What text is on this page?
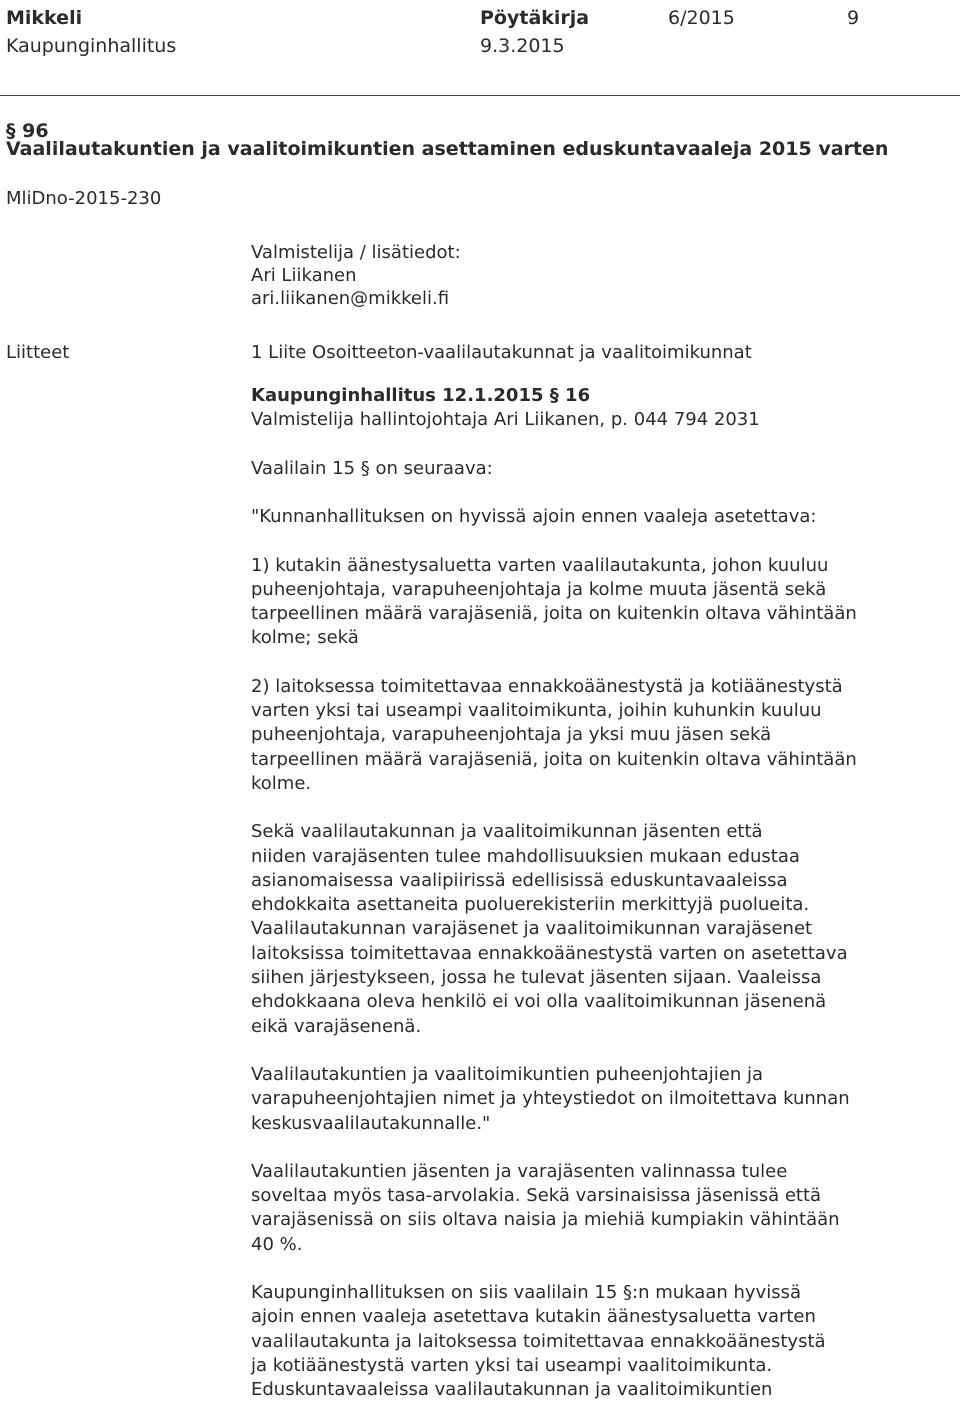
Mikkeli
Kaupunginhallitus
Pöytäkirja
9.3.2015
6/2015	9
§ 96
Vaalilautakuntien ja vaalitoimikuntien asettaminen eduskuntavaaleja 2015 varten
MliDno-2015-230
Valmistelija / lisätiedot:
Ari Liikanen
ari.liikanen@mikkeli.fi
Liitteet	1 Liite Osoitteeton-vaalilautakunnat ja vaalitoimikunnat
Kaupunginhallitus 12.1.2015 § 16
Valmistelija hallintojohtaja Ari Liikanen, p. 044 794 2031
Vaalilain 15 § on seuraava:
"Kunnanhallituksen on hyvissä ajoin ennen vaaleja asetettava:
1) kutakin äänestysaluetta varten vaalilautakunta, johon kuuluu
puheenjohtaja, varapuheenjohtaja ja kolme muuta jäsentä sekä
tarpeellinen määrä varajäseniä, joita on kuitenkin oltava vähintään
kolme; sekä
2) laitoksessa toimitettavaa ennakkoäänestystä ja kotiäänestystä
varten yksi tai useampi vaalitoimikunta, joihin kuhunkin kuuluu
puheenjohtaja, varapuheenjohtaja ja yksi muu jäsen sekä
tarpeellinen määrä varajäseniä, joita on kuitenkin oltava vähintään
kolme.
Sekä vaalilautakunnan ja vaalitoimikunnan jäsenten että
niiden varajäsenten tulee mahdollisuuksien mukaan edustaa
asianomaisessa vaalipiirissä edellisissä eduskuntavaaleissa
ehdokkaita asettaneita puoluerekisteriin merkittyjä puolueita.
Vaalilautakunnan varajäsenet ja vaalitoimikunnan varajäsenet
laitoksissa toimitettavaa ennakkoäänestystä varten on asetettava
siihen järjestykseen, jossa he tulevat jäsenten sijaan. Vaaleissa
ehdokkaana oleva henkilö ei voi olla vaalitoimikunnan jäsenenä
eikä varajäsenenä.
Vaalilautakuntien ja vaalitoimikuntien puheenjohtajien ja
varapuheenjohtajien nimet ja yhteystiedot on ilmoitettava kunnan
keskusvaalilautakunnalle."
Vaalilautakuntien jäsenten ja varajäsenten valinnassa tulee
soveltaa myös tasa-arvolakia. Sekä varsinaisissa jäsenissä että
varajäsenissä on siis oltava naisia ja miehiä kumpiakin vähintään
40 %.
Kaupunginhallituksen on siis vaalilain 15 §:n mukaan hyvissä
ajoin ennen vaaleja asetettava kutakin äänestysaluetta varten
vaalilautakunta ja laitoksessa toimitettavaa ennakkoäänestystä
ja kotiäänestystä varten yksi tai useampi vaalitoimikunta.
Eduskuntavaaleissa vaalilautakunnan ja vaalitoimikuntien
